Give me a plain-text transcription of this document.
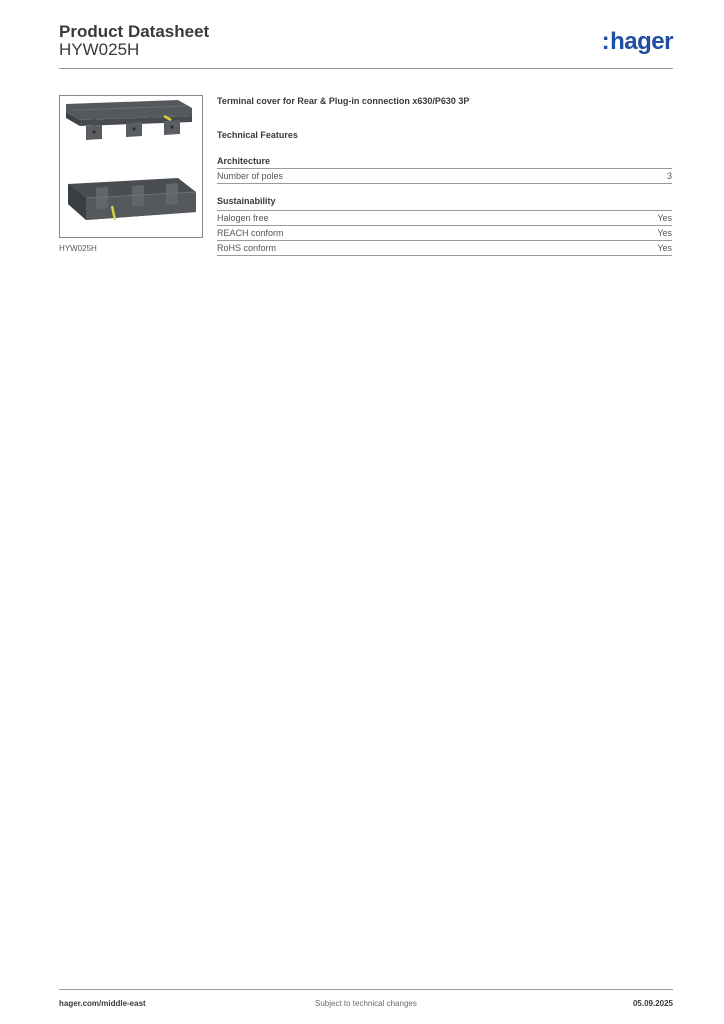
Product Datasheet
HYW025H	:hager
HYW025H
Terminal cover for Rear & Plug-in connection x630/P630 3P
Technical Features
Architecture
Number of poles	3
Sustainability
Halogen free	Yes
REACH conform	Yes
RoHS conform	Yes
hager.com/middle-east	Subject to technical changes	05.09.2025
